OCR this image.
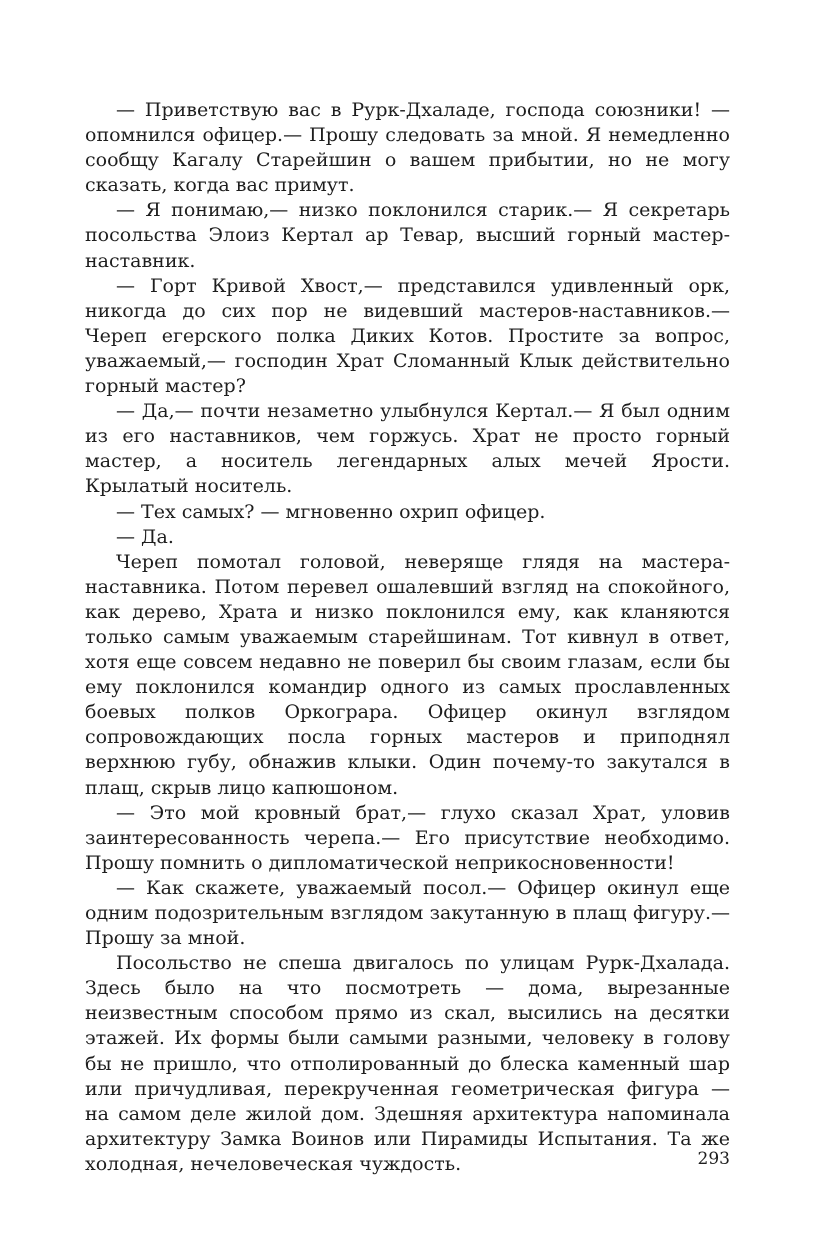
— Приветствую вас в Рурк-Дхаладе, господа союзники! — опомнился офицер.— Прошу следовать за мной. Я немедленно сообщу Кагалу Старейшин о вашем прибытии, но не могу сказать, когда вас примут.

— Я понимаю,— низко поклонился старик.— Я секретарь посольства Элоиз Кертал ар Тевар, высший горный мастер-наставник.

— Горт Кривой Хвост,— представился удивленный орк, никогда до сих пор не видевший мастеров-наставников.— Череп егерского полка Диких Котов. Простите за вопрос, уважаемый,— господин Храт Сломанный Клык действительно горный мастер?

— Да,— почти незаметно улыбнулся Кертал.— Я был одним из его наставников, чем горжусь. Храт не просто горный мастер, а носитель легендарных алых мечей Ярости. Крылатый носитель.

— Тех самых? — мгновенно охрип офицер.

— Да.

Череп помотал головой, неверяще глядя на мастера-наставника. Потом перевел ошалевший взгляд на спокойного, как дерево, Храта и низко поклонился ему, как кланяются только самым уважаемым старейшинам. Тот кивнул в ответ, хотя еще совсем недавно не поверил бы своим глазам, если бы ему поклонился командир одного из самых прославленных боевых полков Оркограра. Офицер окинул взглядом сопровождающих посла горных мастеров и приподнял верхнюю губу, обнажив клыки. Один почему-то закутался в плащ, скрыв лицо капюшоном.

— Это мой кровный брат,— глухо сказал Храт, уловив заинтересованность черепа.— Его присутствие необходимо. Прошу помнить о дипломатической неприкосновенности!

— Как скажете, уважаемый посол.— Офицер окинул еще одним подозрительным взглядом закутанную в плащ фигуру.— Прошу за мной.

Посольство не спеша двигалось по улицам Рурк-Дхалада. Здесь было на что посмотреть — дома, вырезанные неизвестным способом прямо из скал, высились на десятки этажей. Их формы были самыми разными, человеку в голову бы не пришло, что отполированный до блеска каменный шар или причудливая, перекрученная геометрическая фигура — на самом деле жилой дом. Здешняя архитектура напоминала архитектуру Замка Воинов или Пирамиды Испытания. Та же холодная, нечеловеческая чуждость.	293
